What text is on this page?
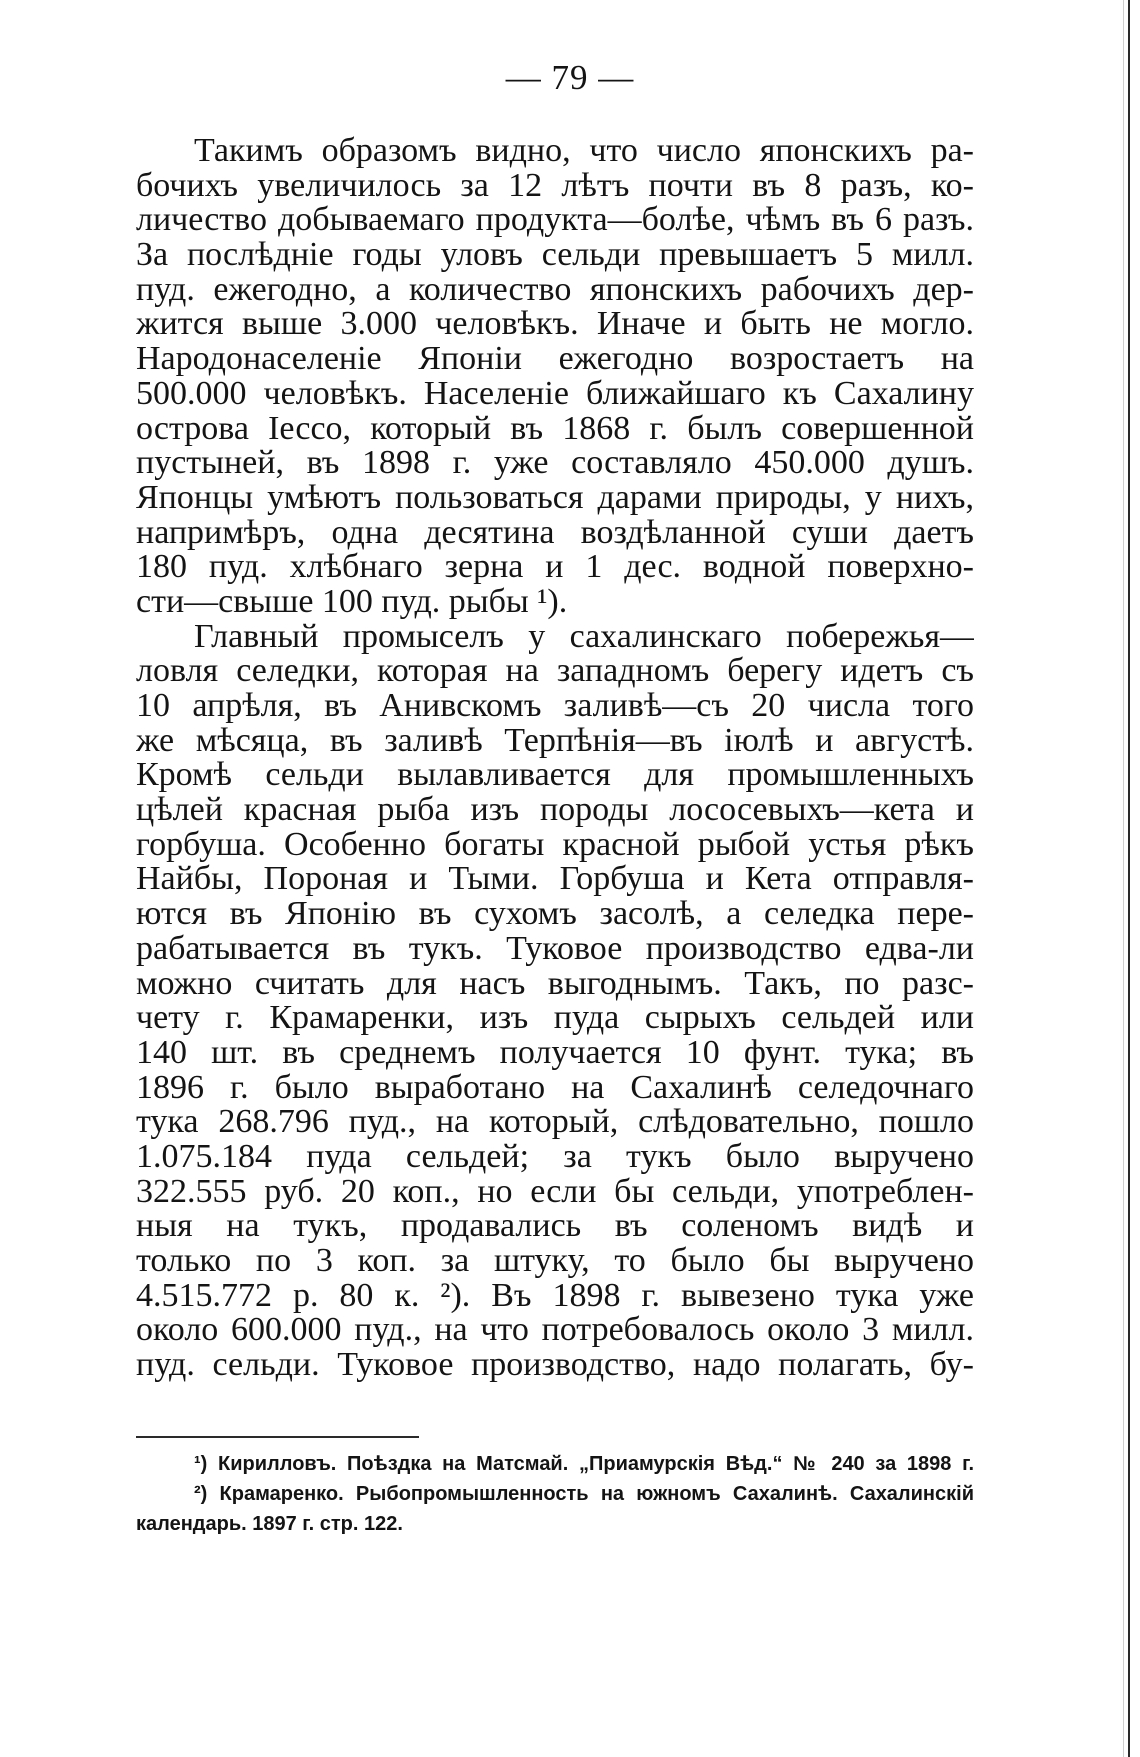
— 79 —
Такимъ образомъ видно, что число японскихъ ра-
бочихъ увеличилось за 12 лѣтъ почти въ 8 разъ, ко-
личество добываемаго продукта—болѣе, чѣмъ въ 6 разъ.
За послѣдніе годы уловъ сельди превышаетъ 5 милл.
пуд. ежегодно, а количество японскихъ рабочихъ дер-
жится выше 3.000 человѣкъ. Иначе и быть не могло.
Народонаселеніе Японіи ежегодно возростаетъ на
500.000 человѣкъ. Населеніе ближайшаго къ Сахалину
острова Іессо, который въ 1868 г. былъ совершенной
пустыней, въ 1898 г. уже составляло 450.000 душъ.
Японцы умѣютъ пользоваться дарами природы, у нихъ,
напримѣръ, одна десятина воздѣланной суши даетъ
180 пуд. хлѣбнаго зерна и 1 дес. водной поверхно-
сти—свыше 100 пуд. рыбы ¹).
Главный промыселъ у сахалинскаго побережья—
ловля селедки, которая на западномъ берегу идетъ съ
10 апрѣля, въ Анивскомъ заливѣ—съ 20 числа того
же мѣсяца, въ заливѣ Терпѣнія—въ іюлѣ и августѣ.
Кромѣ сельди вылавливается для промышленныхъ
цѣлей красная рыба изъ породы лососевыхъ—кета и
горбуша. Особенно богаты красной рыбой устья рѣкъ
Найбы, Пороная и Тыми. Горбуша и Кета отправля-
ются въ Японію въ сухомъ засолѣ, а селедка пере-
рабатывается въ тукъ. Туковое производство едва-ли
можно считать для насъ выгоднымъ. Такъ, по разс-
чету г. Крамаренки, изъ пуда сырыхъ сельдей или
140 шт. въ среднемъ получается 10 фунт. тука; въ
1896 г. было выработано на Сахалинѣ селедочнаго
тука 268.796 пуд., на который, слѣдовательно, пошло
1.075.184 пуда сельдей; за тукъ было выручено
322.555 руб. 20 коп., но если бы сельди, употреблен-
ныя на тукъ, продавались въ соленомъ видѣ и
только по 3 коп. за штуку, то было бы выручено
4.515.772 р. 80 к. ²). Въ 1898 г. вывезено тука уже
около 600.000 пуд., на что потребовалось около 3 милл.
пуд. сельди. Туковое производство, надо полагать, бу-
¹) Кирилловъ. Поѣздка на Матсмай. „Приамурскія Вѣд.“ № 240 за 1898 г.
²) Крамаренко. Рыбопромышленность на южномъ Сахалинѣ. Сахалинскій
календарь. 1897 г. стр. 122.
